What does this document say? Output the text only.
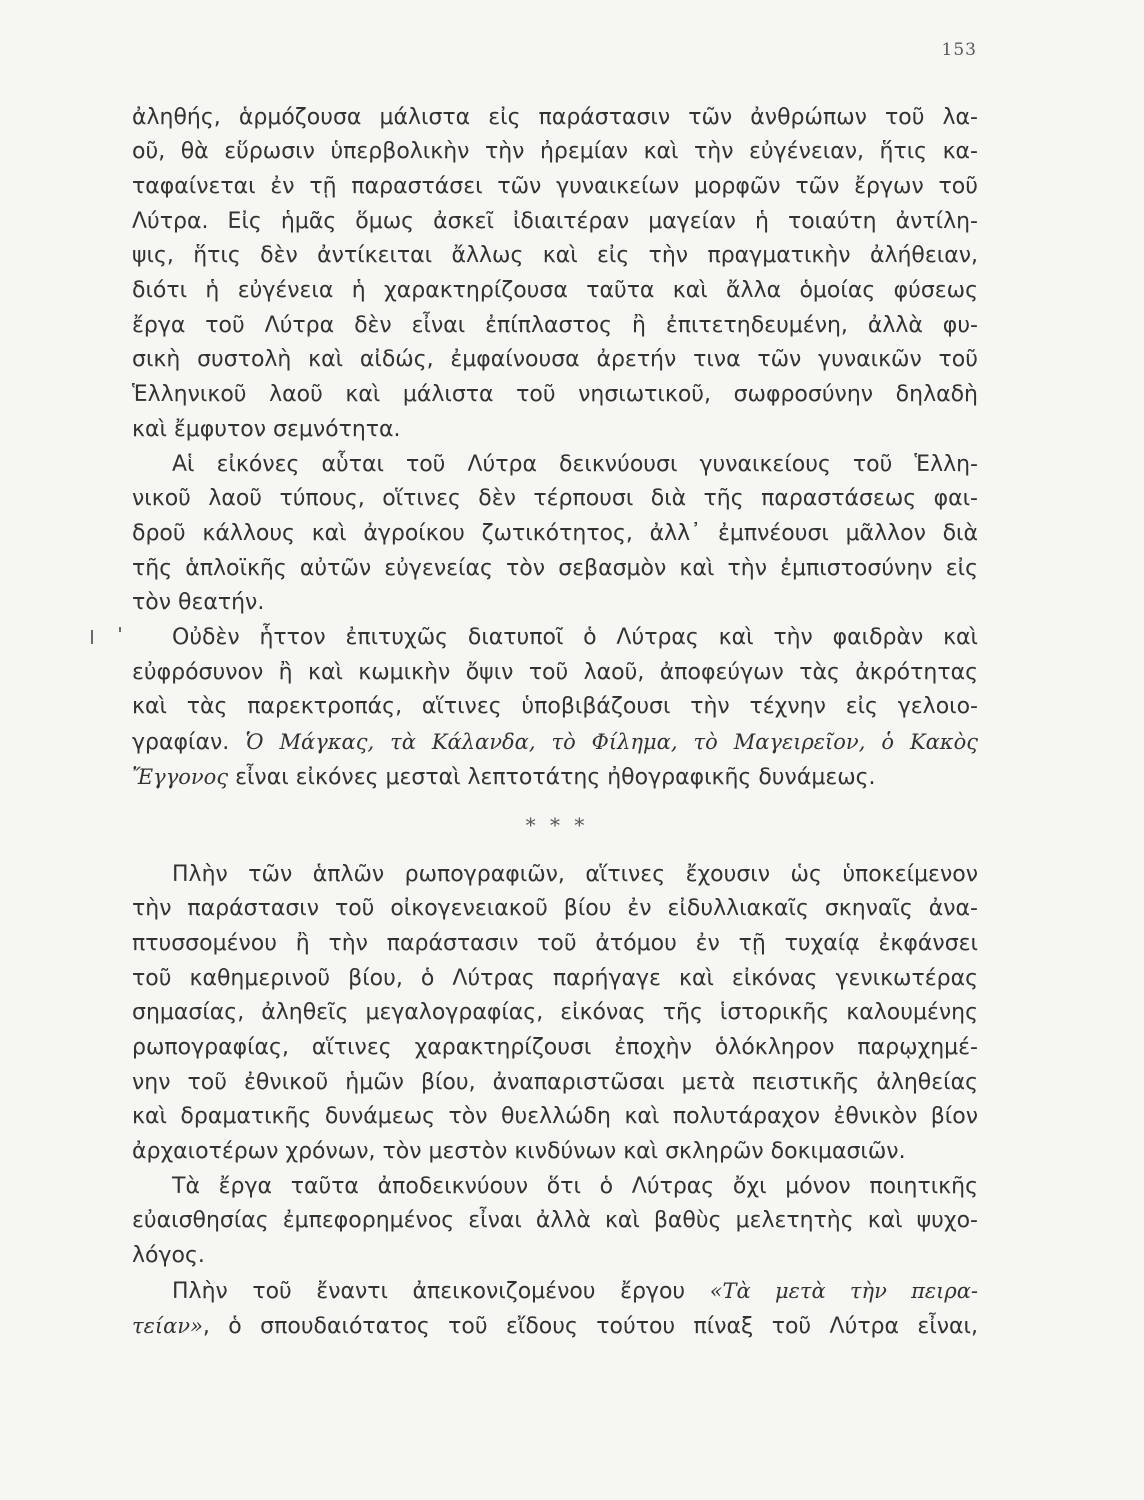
153
ἀληθής, ἁρμόζουσα μάλιστα εἰς παράστασιν τῶν ἀνθρώπων τοῦ λα-
οῦ, θὰ εὕρωσιν ὑπερβολικὴν τὴν ἠρεμίαν καὶ τὴν εὐγένειαν, ἥτις κα-
ταφαίνεται ἐν τῇ παραστάσει τῶν γυναικείων μορφῶν τῶν ἔργων τοῦ
Λύτρα. Εἰς ἡμᾶς ὅμως ἀσκεῖ ἰδιαιτέραν μαγείαν ἡ τοιαύτη ἀντίλη-
ψις, ἥτις δὲν ἀντίκειται ἄλλως καὶ εἰς τὴν πραγματικὴν ἀλήθειαν,
διότι ἡ εὐγένεια ἡ χαρακτηρίζουσα ταῦτα καὶ ἄλλα ὁμοίας φύσεως
ἔργα τοῦ Λύτρα δὲν εἶναι ἐπίπλαστος ἢ ἐπιτετηδευμένη, ἀλλὰ φυ-
σικὴ συστολὴ καὶ αἰδώς, ἐμφαίνουσα ἀρετήν τινα τῶν γυναικῶν τοῦ
Ἑλληνικοῦ λαοῦ καὶ μάλιστα τοῦ νησιωτικοῦ, σωφροσύνην δηλαδὴ
καὶ ἔμφυτον σεμνότητα.
Αἱ εἰκόνες αὗται τοῦ Λύτρα δεικνύουσι γυναικείους τοῦ Ἑλλη-
νικοῦ λαοῦ τύπους, οἵτινες δὲν τέρπουσι διὰ τῆς παραστάσεως φαι-
δροῦ κάλλους καὶ ἀγροίκου ζωτικότητος, ἀλλ᾿ ἐμπνέουσι μᾶλλον διὰ
τῆς ἁπλοϊκῆς αὐτῶν εὐγενείας τὸν σεβασμὸν καὶ τὴν ἐμπιστοσύνην εἰς
τὸν θεατήν.
Οὐδὲν ἧττον ἐπιτυχῶς διατυποῖ ὁ Λύτρας καὶ τὴν φαιδρὰν καὶ
εὐφρόσυνον ἢ καὶ κωμικὴν ὄψιν τοῦ λαοῦ, ἀποφεύγων τὰς ἀκρότητας
καὶ τὰς παρεκτροπάς, αἵτινες ὑποβιβάζουσι τὴν τέχνην εἰς γελοιο-
γραφίαν. Ὁ Μάγκας, τὰ Κάλανδα, τὸ Φίλημα, τὸ Μαγειρεῖον, ὁ Κακὸς
Ἔγγονος εἶναι εἰκόνες μεσταὶ λεπτοτάτης ἠθογραφικῆς δυνάμεως.
* * *
Πλὴν τῶν ἁπλῶν ρωπογραφιῶν, αἵτινες ἔχουσιν ὡς ὑποκείμενον
τὴν παράστασιν τοῦ οἰκογενειακοῦ βίου ἐν εἰδυλλιακαῖς σκηναῖς ἀνα-
πτυσσομένου ἢ τὴν παράστασιν τοῦ ἀτόμου ἐν τῇ τυχαίᾳ ἐκφάνσει
τοῦ καθημερινοῦ βίου, ὁ Λύτρας παρήγαγε καὶ εἰκόνας γενικωτέρας
σημασίας, ἀληθεῖς μεγαλογραφίας, εἰκόνας τῆς ἱστορικῆς καλουμένης
ρωπογραφίας, αἵτινες χαρακτηρίζουσι ἐποχὴν ὁλόκληρον παρῳχημέ-
νην τοῦ ἐθνικοῦ ἡμῶν βίου, ἀναπαριστῶσαι μετὰ πειστικῆς ἀληθείας
καὶ δραματικῆς δυνάμεως τὸν θυελλώδη καὶ πολυτάραχον ἐθνικὸν βίον
ἀρχαιοτέρων χρόνων, τὸν μεστὸν κινδύνων καὶ σκληρῶν δοκιμασιῶν.
Τὰ ἔργα ταῦτα ἀποδεικνύουν ὅτι ὁ Λύτρας ὄχι μόνον ποιητικῆς
εὐαισθησίας ἐμπεφορημένος εἶναι ἀλλὰ καὶ βαθὺς μελετητὴς καὶ ψυχο-
λόγος.
Πλὴν τοῦ ἔναντι ἀπεικονιζομένου ἔργου «Τὰ μετὰ τὴν πειρα-
τείαν», ὁ σπουδαιότατος τοῦ εἴδους τούτου πίναξ τοῦ Λύτρα εἶναι,
